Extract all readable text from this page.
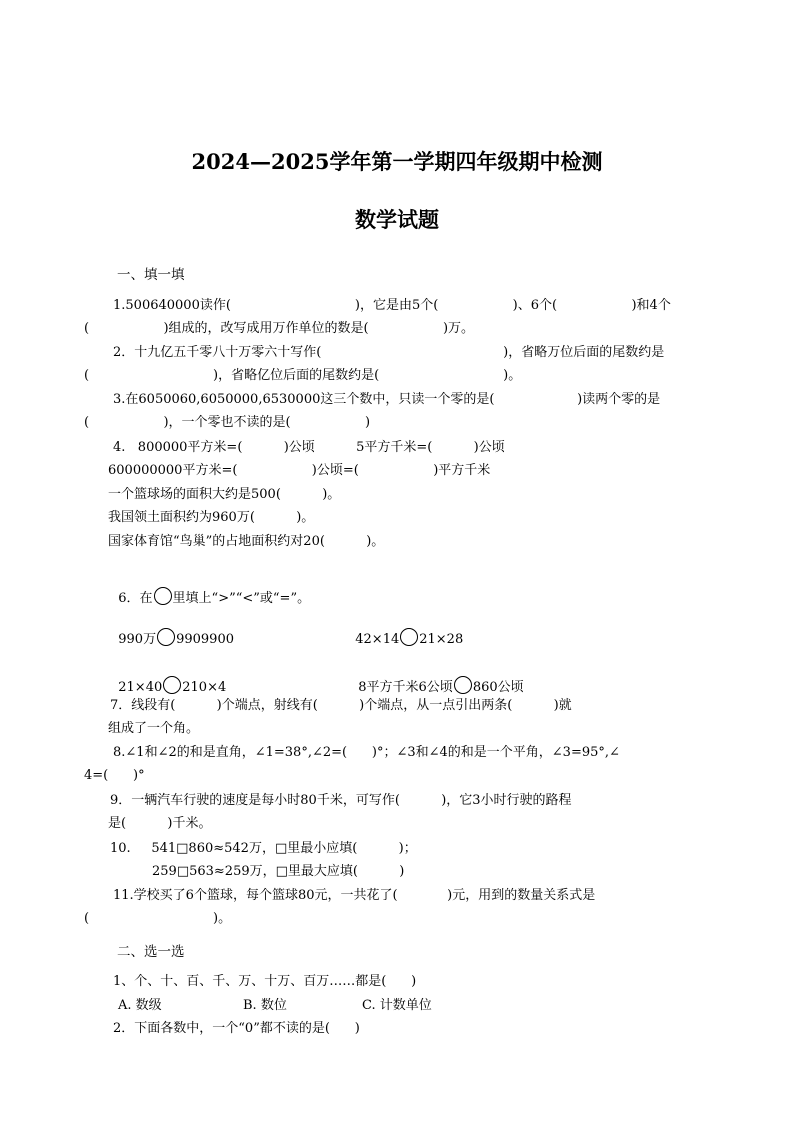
2024—2025学年第一学期四年级期中检测
数学试题
一、填一填
1.500640000读作(                              )，它是由5个(                  )、6个(                  )和4个
(                  )组成的，改写成用万作单位的数是(                  )万。
2．十九亿五千零八十万零六十写作(                                            )，省略万位后面的尾数约是
(                              )，省略亿位后面的尾数约是(                              )。
3.在6050060,6050000,6530000这三个数中，只读一个零的是(                    )读两个零的是
(                  )，一个零也不读的是(                  )
4.   800000平方米=(          )公顷          5平方千米=(          )公顷
600000000平方米=(                  )公顷=(                  )平方千米
一个篮球场的面积大约是500(          )。
我国领土面积约为960万(          )。
国家体育馆“鸟巢”的占地面积约对20(          )。

6．在 里填上“>”“<”或“=”。

990万 9909900	42×14 21×28

21×40 210×4	8平方千米6公顷 860公顷

7．线段有(          )个端点，射线有(          )个端点，从一点引出两条(          )就
组成了一个角。
8.∠1和∠2的和是直角，∠1=38°,∠2=(      )°；∠3和∠4的和是一个平角，∠3=95°,∠
4=(      )°
9．一辆汽车行驶的速度是每小时80千米，可写作(          )，它3小时行驶的路程
是(          )千米。
10.     541□860≈542万，□里最小应填(          )；
259□563≈259万，□里最大应填(          )
11.学校买了6个篮球，每个篮球80元，一共花了(            )元，用到的数量关系式是
(                              )。
二、选一选
1、个、十、百、千、万、十万、百万……都是(      )
A. 数级	B. 数位	C. 计数单位
2．下面各数中，一个“0”都不读的是(      )
